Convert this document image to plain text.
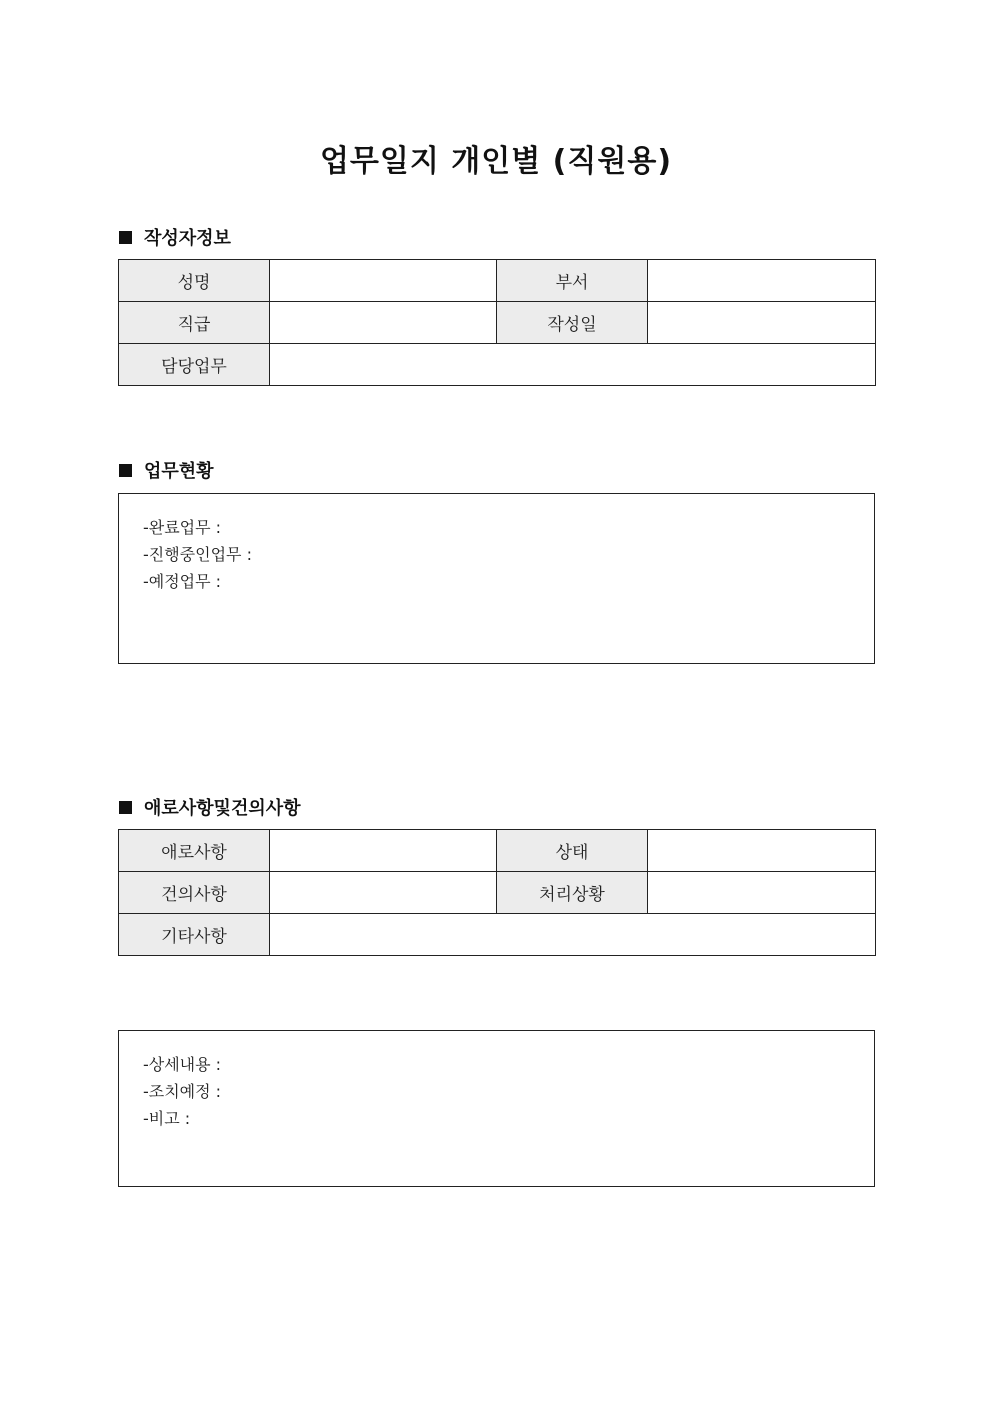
업무일지 개인별 (직원용)
작성자정보
성명		부서	
직급		작성일	
담당업무			
업무현황
-완료업무 :
-진행중인업무 :
-예정업무 :
애로사항및건의사항
애로사항		상태	
건의사항		처리상황	
기타사항			
-상세내용 :
-조치예정 :
-비고 :
